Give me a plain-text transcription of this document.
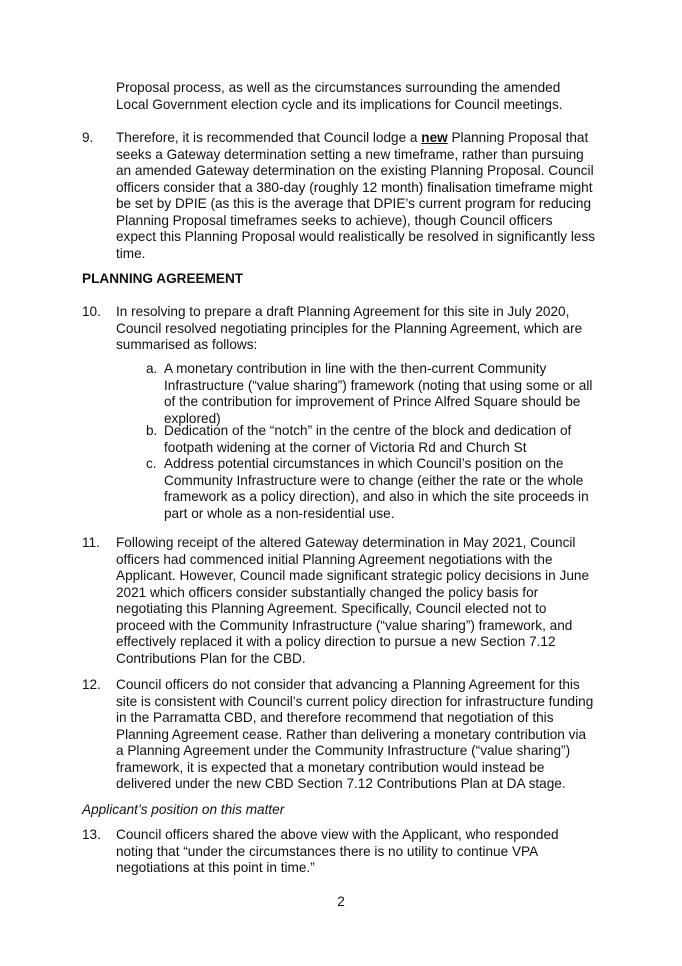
Proposal process, as well as the circumstances surrounding the amended
Local Government election cycle and its implications for Council meetings.
9. Therefore, it is recommended that Council lodge a new Planning Proposal that
seeks a Gateway determination setting a new timeframe, rather than pursuing
an amended Gateway determination on the existing Planning Proposal. Council
officers consider that a 380-day (roughly 12 month) finalisation timeframe might
be set by DPIE (as this is the average that DPIE’s current program for reducing
Planning Proposal timeframes seeks to achieve), though Council officers
expect this Planning Proposal would realistically be resolved in significantly less
time.
PLANNING AGREEMENT
10. In resolving to prepare a draft Planning Agreement for this site in July 2020,
Council resolved negotiating principles for the Planning Agreement, which are
summarised as follows:
a. A monetary contribution in line with the then-current Community
Infrastructure (“value sharing”) framework (noting that using some or all
of the contribution for improvement of Prince Alfred Square should be
explored)
b. Dedication of the “notch” in the centre of the block and dedication of
footpath widening at the corner of Victoria Rd and Church St
c. Address potential circumstances in which Council’s position on the
Community Infrastructure were to change (either the rate or the whole
framework as a policy direction), and also in which the site proceeds in
part or whole as a non-residential use.
11. Following receipt of the altered Gateway determination in May 2021, Council
officers had commenced initial Planning Agreement negotiations with the
Applicant. However, Council made significant strategic policy decisions in June
2021 which officers consider substantially changed the policy basis for
negotiating this Planning Agreement. Specifically, Council elected not to
proceed with the Community Infrastructure (“value sharing”) framework, and
effectively replaced it with a policy direction to pursue a new Section 7.12
Contributions Plan for the CBD.
12. Council officers do not consider that advancing a Planning Agreement for this
site is consistent with Council’s current policy direction for infrastructure funding
in the Parramatta CBD, and therefore recommend that negotiation of this
Planning Agreement cease. Rather than delivering a monetary contribution via
a Planning Agreement under the Community Infrastructure (“value sharing”)
framework, it is expected that a monetary contribution would instead be
delivered under the new CBD Section 7.12 Contributions Plan at DA stage.
Applicant’s position on this matter
13. Council officers shared the above view with the Applicant, who responded
noting that “under the circumstances there is no utility to continue VPA
negotiations at this point in time.”
2
